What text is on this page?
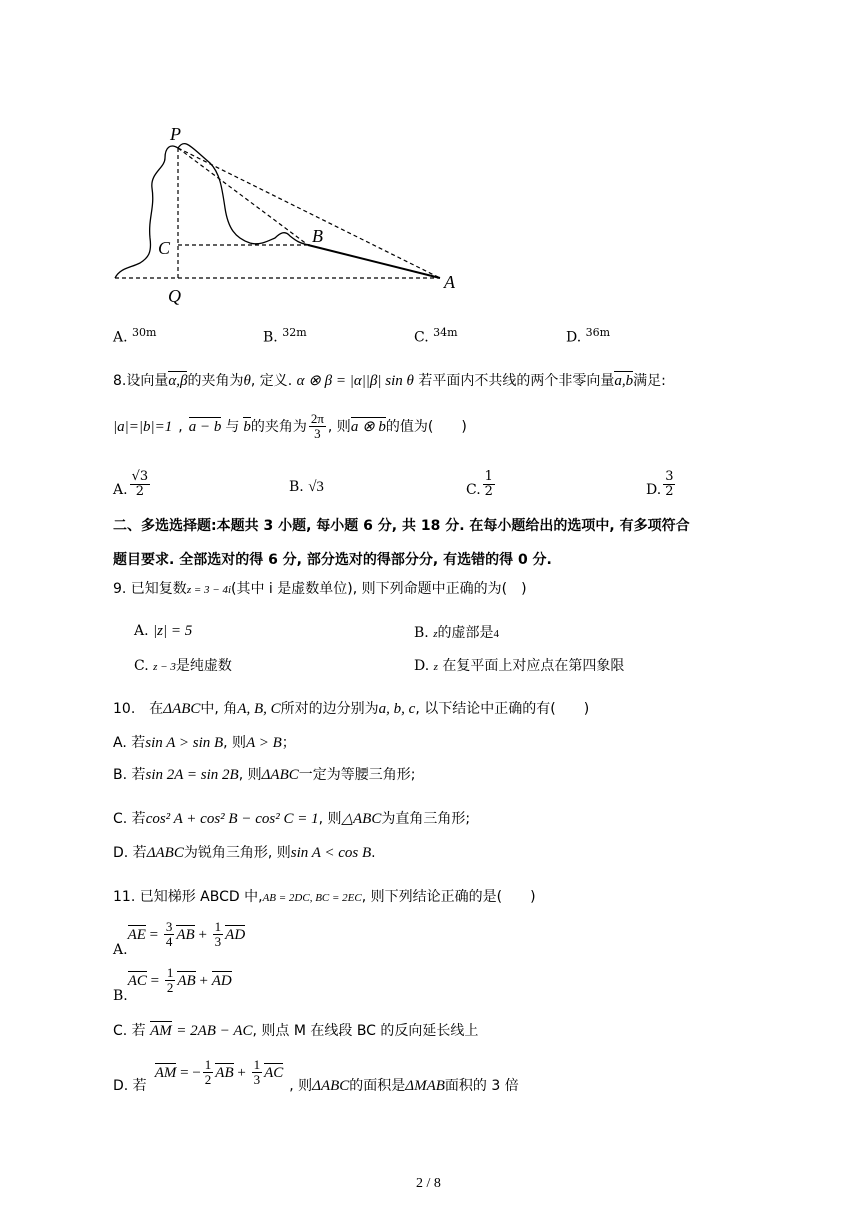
P
C
B
Q
A
A. $^{30m}$	B. $^{32m}$	C. $^{34m}$	D. $^{36m}$
8.设向量α,β的夹角为θ, 定义. α ⊗ β = |α||β| sin θ 若平面内不共线的两个非零向量a,b满足:
|a|=|b|=1 , a − b 与 b 的夹角为 $\frac{2\pi}{3}$ , 则 a ⊗ b 的值为(　　)
A. $\frac{√3}{2}$	B. √3	C. $\frac{1}{2}$	D. $\frac{3}{2}$
二、多选选择题:本题共 3 小题, 每小题 6 分, 共 18 分. 在每小题给出的选项中, 有多项符合
题目要求. 全部选对的得 6 分, 部分选对的得部分分, 有选错的得 0 分.
9. 已知复数z = 3 − 4i(其中 i 是虚数单位), 则下列命题中正确的为(　)
A. |z| = 5	B. z的虚部是4
C. z − 3是纯虚数	D. z 在复平面上对应点在第四象限
10.　在ΔABC中, 角A, B, C所对的边分别为a, b, c, 以下结论中正确的有(　　)
A. 若sin A > sin B, 则A > B；
B. 若sin 2A = sin 2B, 则ΔABC一定为等腰三角形;
C. 若cos² A + cos² B − cos² C = 1, 则△ABC为直角三角形;
D. 若ΔABC为锐角三角形, 则sin A < cos B.
11. 已知梯形 ABCD 中,AB = 2DC, BC = 2EC, 则下列结论正确的是(　　)
A.
AE = $\frac{3}{4}$ AB + $\frac{1}{3}$ AD
B.
AC = $\frac{1}{2}$ AB + AD
C. 若 AM = 2AB − AC, 则点 M 在线段 BC 的反向延长线上
D. 若
AM = − $\frac{1}{2}$ AB + $\frac{1}{3}$ AC
, 则ΔABC的面积是ΔMAB面积的 3 倍
2 / 8
